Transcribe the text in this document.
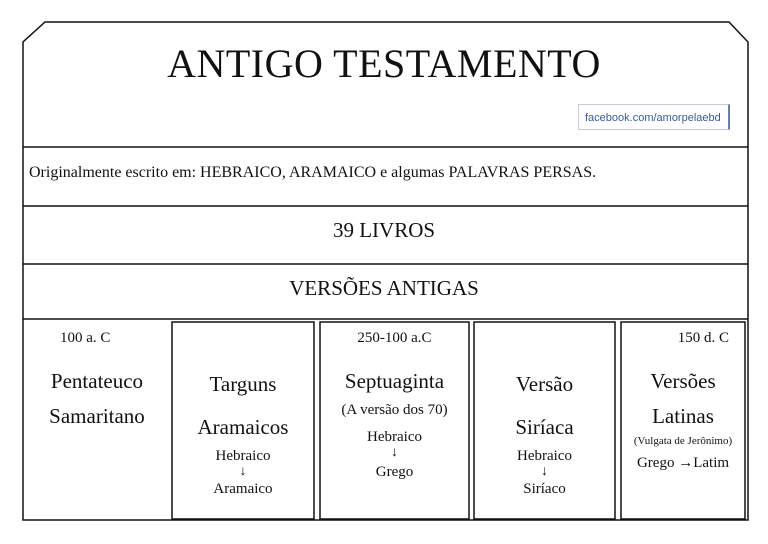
ANTIGO TESTAMENTO
facebook.com/amorpelaebd
Originalmente escrito em: HEBRAICO, ARAMAICO e algumas PALAVRAS PERSAS.
39 LIVROS
VERSÕES ANTIGAS
100 a. C
Pentateuco
Samaritano
Targuns
Aramaicos
Hebraico
↓
Aramaico
250-100 a.C
Septuaginta
(A versão dos 70)
Hebraico
↓
Grego
Versão
Siríaca
Hebraico
↓
Siríaco
150 d. C
Versões
Latinas
(Vulgata de Jerônimo)
Grego →Latim
